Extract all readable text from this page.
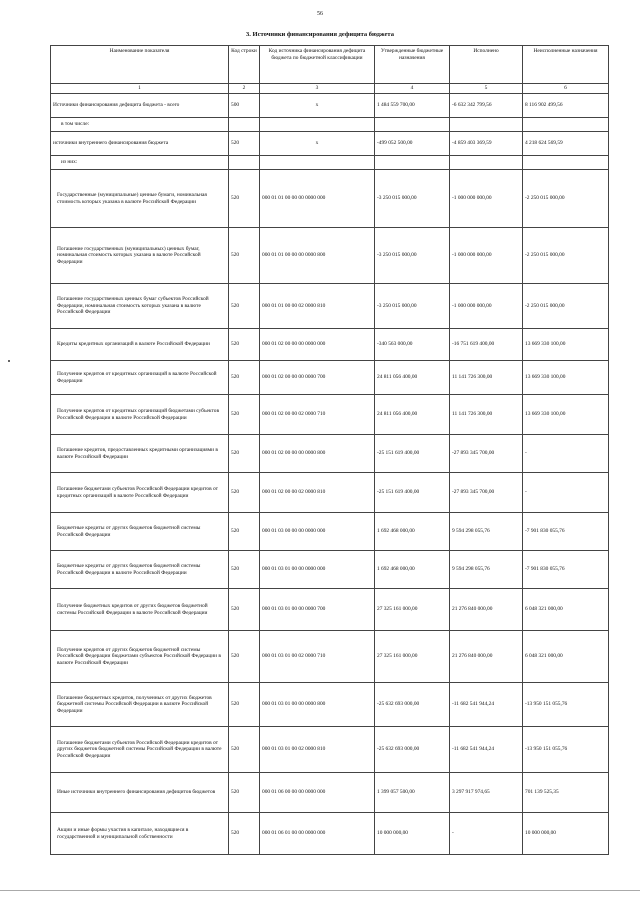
56
3. Источники финансирования дефицита бюджета
Наименование показателя	Код строки	Код источника финансирования дефицита бюджета по бюджетной классификации	Утвержденные бюджетные назначения	Исполнено	Неисполненные назначения
1	2	3	4	5	6
Источники финансирования дефицита бюджета - всего	500	x	1 484 559 700,00	-6 632 342 799,56	8 116 902 499,56
в том числе:					
источники внутреннего финансирования бюджета	520	x	-499 052 500,00	-4 859 403 369,59	4 218 624 569,59
из них:					
Государственные (муниципальные) ценные бумаги, номинальная стоимость которых указана в валюте Российской Федерации	520	000 01 01 00 00 00 0000 000	-3 250 015 000,00	-1 000 000 000,00	-2 250 015 000,00
Погашение государственных (муниципальных) ценных бумаг, номинальная стоимость которых указана в валюте Российской Федерации	520	000 01 01 00 00 00 0000 800	-3 250 015 000,00	-1 000 000 000,00	-2 250 015 000,00
Погашение государственных ценных бумаг субъектов Российской Федерации, номинальная стоимость которых указана в валюте Российской Федерации	520	000 01 01 00 00 02 0000 810	-3 250 015 000,00	-1 000 000 000,00	-2 250 015 000,00
Кредиты кредитных организаций в валюте Российской Федерации	520	000 01 02 00 00 00 0000 000	-340 563 000,00	-16 751 619 400,00	13 669 330 100,00
Получение кредитов от кредитных организаций в валюте Российской Федерации	520	000 01 02 00 00 00 0000 700	24 811 056 400,00	11 141 726 300,00	13 669 330 100,00
Получение кредитов от кредитных организаций бюджетами субъектов Российской Федерации в валюте Российской Федерации	520	000 01 02 00 00 02 0000 710	24 811 056 400,00	11 141 726 300,00	13 669 330 100,00
Погашение кредитов, предоставленных кредитными организациями в валюте Российской Федерации	520	000 01 02 00 00 00 0000 800	-25 151 619 400,00	-27 893 345 700,00	-
Погашение бюджетами субъектов Российской Федерации кредитов от кредитных организаций в валюте Российской Федерации	520	000 01 02 00 00 02 0000 810	-25 151 619 400,00	-27 893 345 700,00	-
Бюджетные кредиты от других бюджетов бюджетной системы Российской Федерации	520	000 01 03 00 00 00 0000 000	1 692 468 000,00	9 594 298 055,76	-7 901 830 055,76
Бюджетные кредиты от других бюджетов бюджетной системы Российской Федерации в валюте Российской Федерации	520	000 01 03 01 00 00 0000 000	1 692 468 000,00	9 594 298 055,76	-7 901 830 055,76
Получение бюджетных кредитов от других бюджетов бюджетной системы Российской Федерации в валюте Российской Федерации	520	000 01 03 01 00 00 0000 700	27 325 161 000,00	21 276 840 000,00	6 048 321 000,00
Получение кредитов от других бюджетов бюджетной системы Российской Федерации бюджетами субъектов Российской Федерации в валюте Российской Федерации	520	000 01 03 01 00 02 0000 710	27 325 161 000,00	21 276 840 000,00	6 048 321 000,00
Погашение бюджетных кредитов, полученных от других бюджетов бюджетной системы Российской Федерации в валюте Российской Федерации	520	000 01 03 01 00 00 0000 800	-25 632 693 000,00	-11 682 541 944,24	-13 950 151 055,76
Погашение бюджетами субъектов Российской Федерации кредитов от других бюджетов бюджетной системы Российской Федерации в валюте Российской Федерации	520	000 01 03 01 00 02 0000 810	-25 632 693 000,00	-11 682 541 944,24	-13 950 151 055,76
Иные источники внутреннего финансирования дефицитов бюджетов	520	000 01 06 00 00 00 0000 000	1 399 057 500,00	3 297 917 974,65	701 139 525,35
Акции и иные формы участия в капитале, находящиеся в государственной и муниципальной собственности	520	000 01 06 01 00 00 0000 000	10 000 000,00	-	10 000 000,00
